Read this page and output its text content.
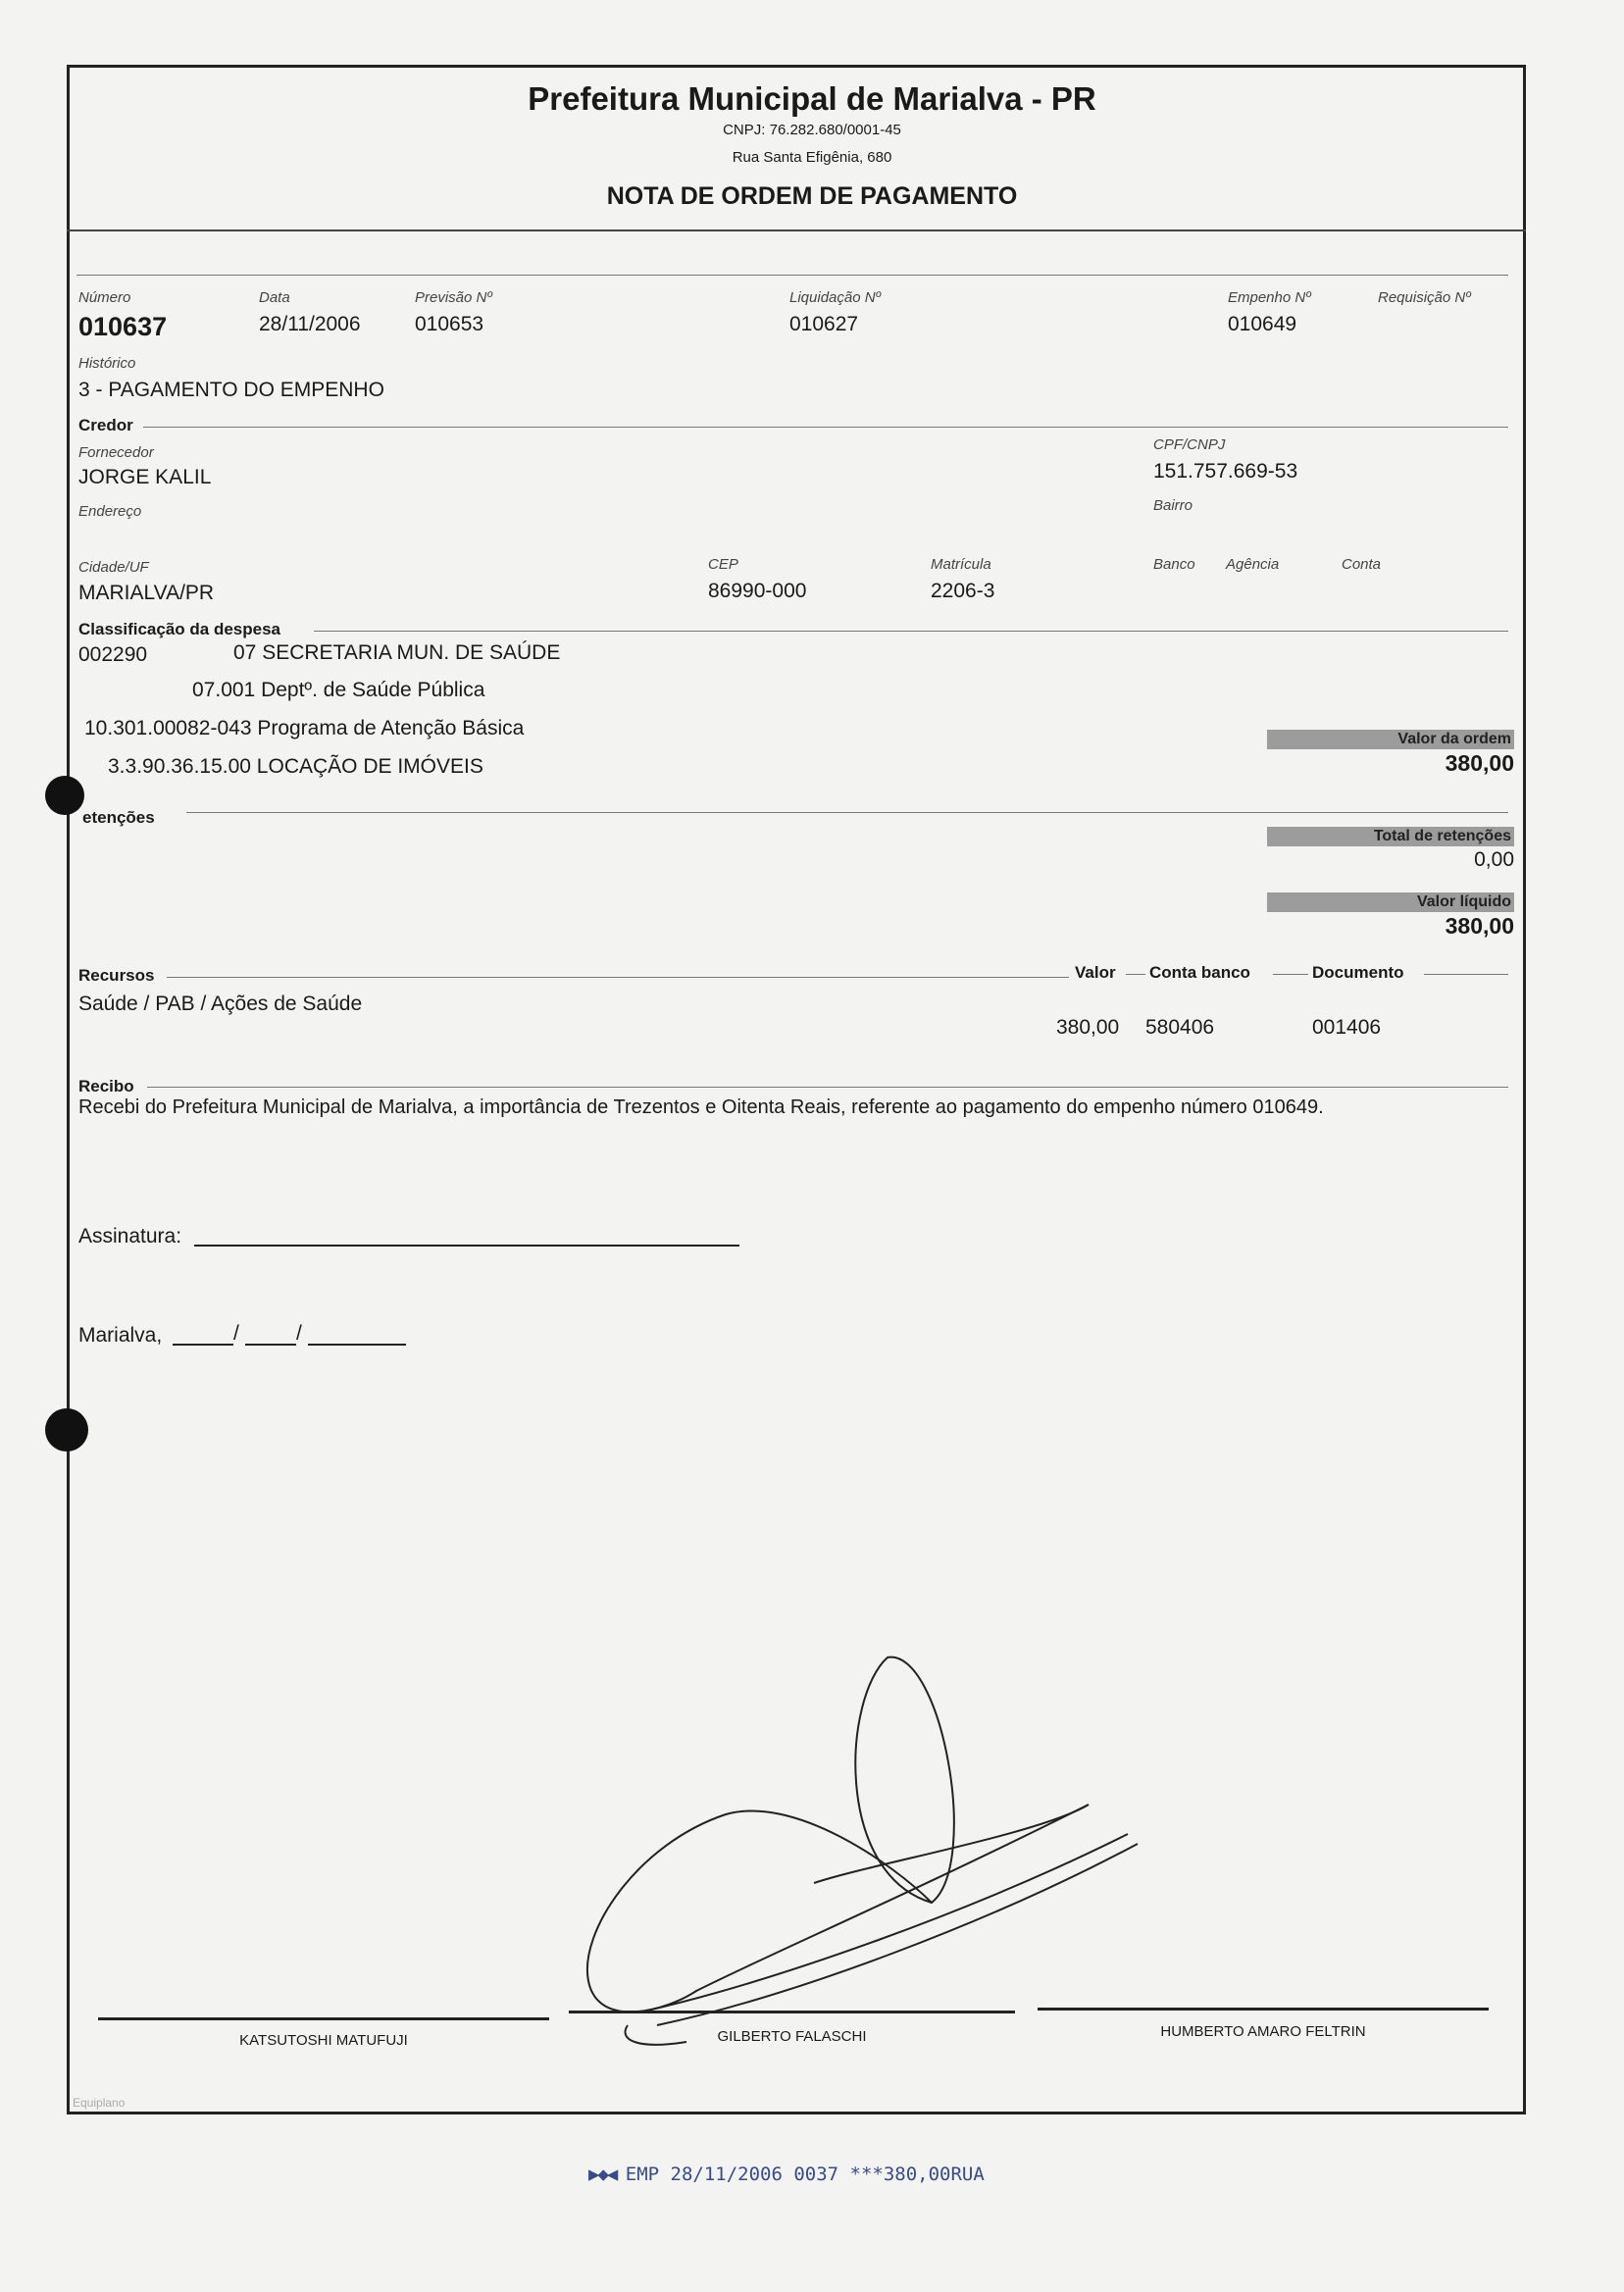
Prefeitura Municipal de Marialva - PR
CNPJ: 76.282.680/0001-45
Rua Santa Efigênia, 680
NOTA DE ORDEM DE PAGAMENTO
Número
010637
Data
28/11/2006
Previsão Nº
010653
Liquidação Nº
010627
Empenho Nº
010649
Requisição Nº
Histórico
3 - PAGAMENTO DO EMPENHO
Credor
Fornecedor
JORGE KALIL
CPF/CNPJ
151.757.669-53
Endereço	Bairro
Cidade/UF
MARIALVA/PR
CEP
86990-000
Matrícula
2206-3
Banco Agência	Conta
Classificação da despesa
002290	07 SECRETARIA MUN. DE SAÚDE
07.001 Deptº. de Saúde Pública
10.301.00082-043 Programa de Atenção Básica
3.3.90.36.15.00 LOCAÇÃO DE IMÓVEIS
Valor da ordem
380,00
etenções
Total de retenções
0,00
Valor líquido
380,00
Recursos	Valor Conta banco	Documento
Saúde / PAB / Ações de Saúde
380,00 580406	001406
Recibo
Recebi do Prefeitura Municipal de Marialva, a importância de Trezentos e Oitenta Reais, referente ao pagamento do empenho número 010649.
Assinatura:
Marialva,	/	/
KATSUTOSHI MATUFUJI	GILBERTO FALASCHI	HUMBERTO AMARO FELTRIN
Equiplano
▶◆◀ EMP 28/11/2006 0037 ***380,00RUA
